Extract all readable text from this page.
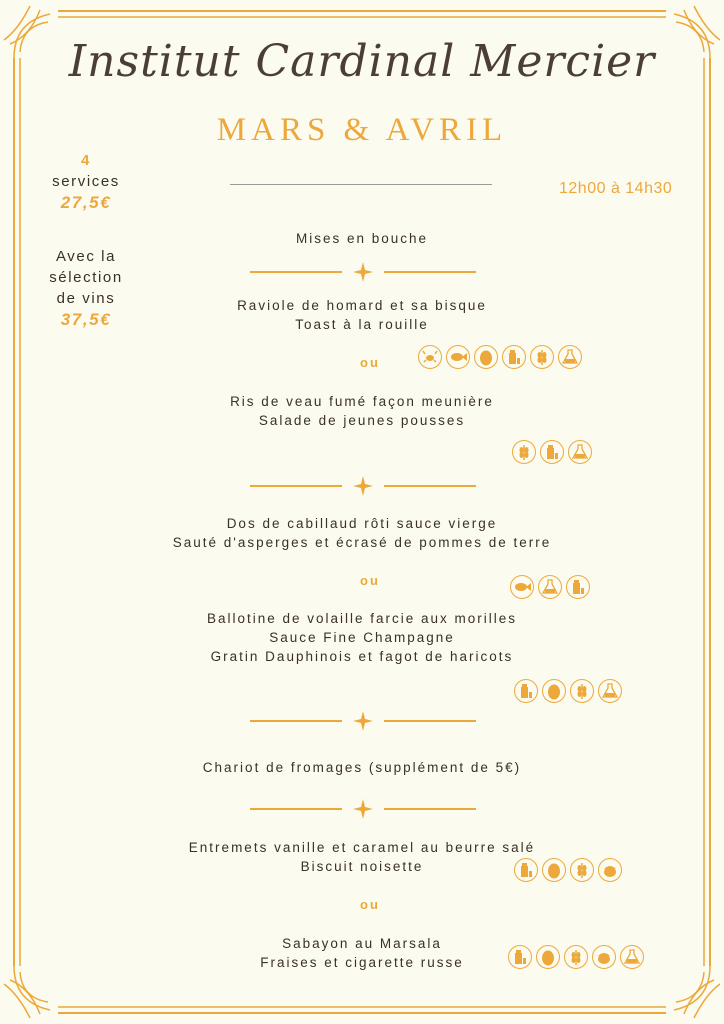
Institut Cardinal Mercier
MARS & AVRIL
12h00 à 14h30
4
services
27,5€
Avec la
sélection
de vins
37,5€
Mises en bouche
Raviole de homard et sa bisque
Toast à la rouille
ou
Ris de veau fumé façon meunière
Salade de jeunes pousses
Dos de cabillaud rôti sauce vierge
Sauté d'asperges et écrasé de pommes de terre
ou
Ballotine de volaille farcie aux morilles
Sauce Fine Champagne
Gratin Dauphinois et fagot de haricots
Chariot de fromages (supplément de 5€)
Entremets vanille et caramel au beurre salé
Biscuit noisette
ou
Sabayon au Marsala
Fraises et cigarette russe
